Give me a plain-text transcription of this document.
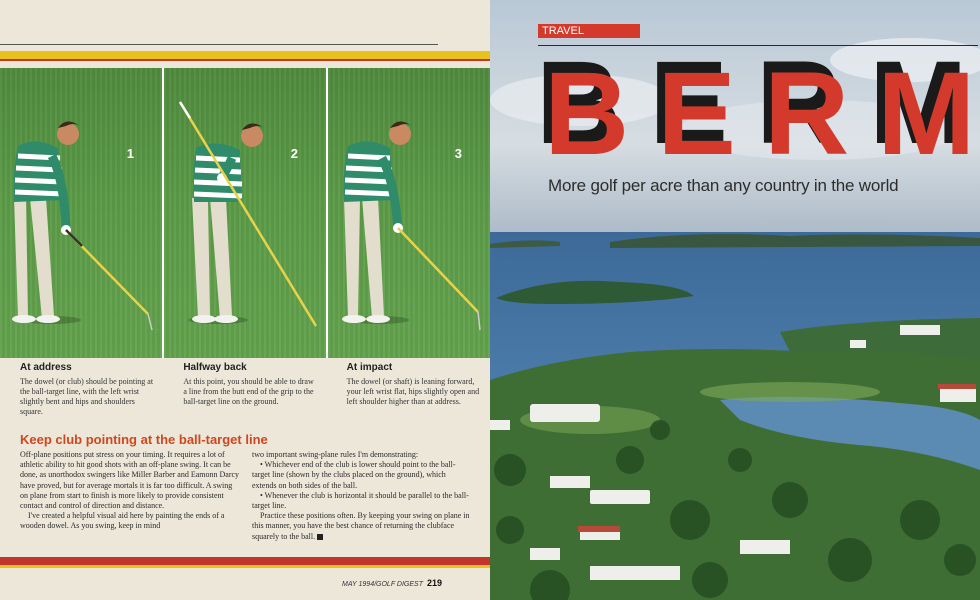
1	2	3
At address
The dowel (or club) should be pointing at the ball-target line, with the left wrist slightly bent and hips and shoulders square.
Halfway back
At this point, you should be able to draw a line from the butt end of the grip to the ball-target line on the ground.
At impact
The dowel (or shaft) is leaning forward, your left wrist flat, hips slightly open and left shoulder higher than at address.
Keep club pointing at the ball-target line

Off-plane positions put stress on your timing. It requires a lot of athletic ability to hit good shots with an off-plane swing. It can be done, as unorthodox swingers like Miller Barber and Eamonn Darcy have proved, but for average mortals it is far too difficult. A swing on plane from start to finish is more likely to provide consistent contact and control of direction and distance.

I've created a helpful visual aid here by painting the ends of a wooden dowel. As you swing, keep in mind

two important swing-plane rules I'm demonstrating:

• Whichever end of the club is lower should point to the ball-target line (shown by the clubs placed on the ground), which extends on both sides of the ball.

• Whenever the club is horizontal it should be parallel to the ball-target line.

Practice these positions often. By keeping your swing on plane in this manner, you have the best chance of returning the clubface squarely to the ball.

MAY 1994/GOLF DIGEST 219
TRAVEL
B B E E R R M M
More golf per acre than any country in the world
